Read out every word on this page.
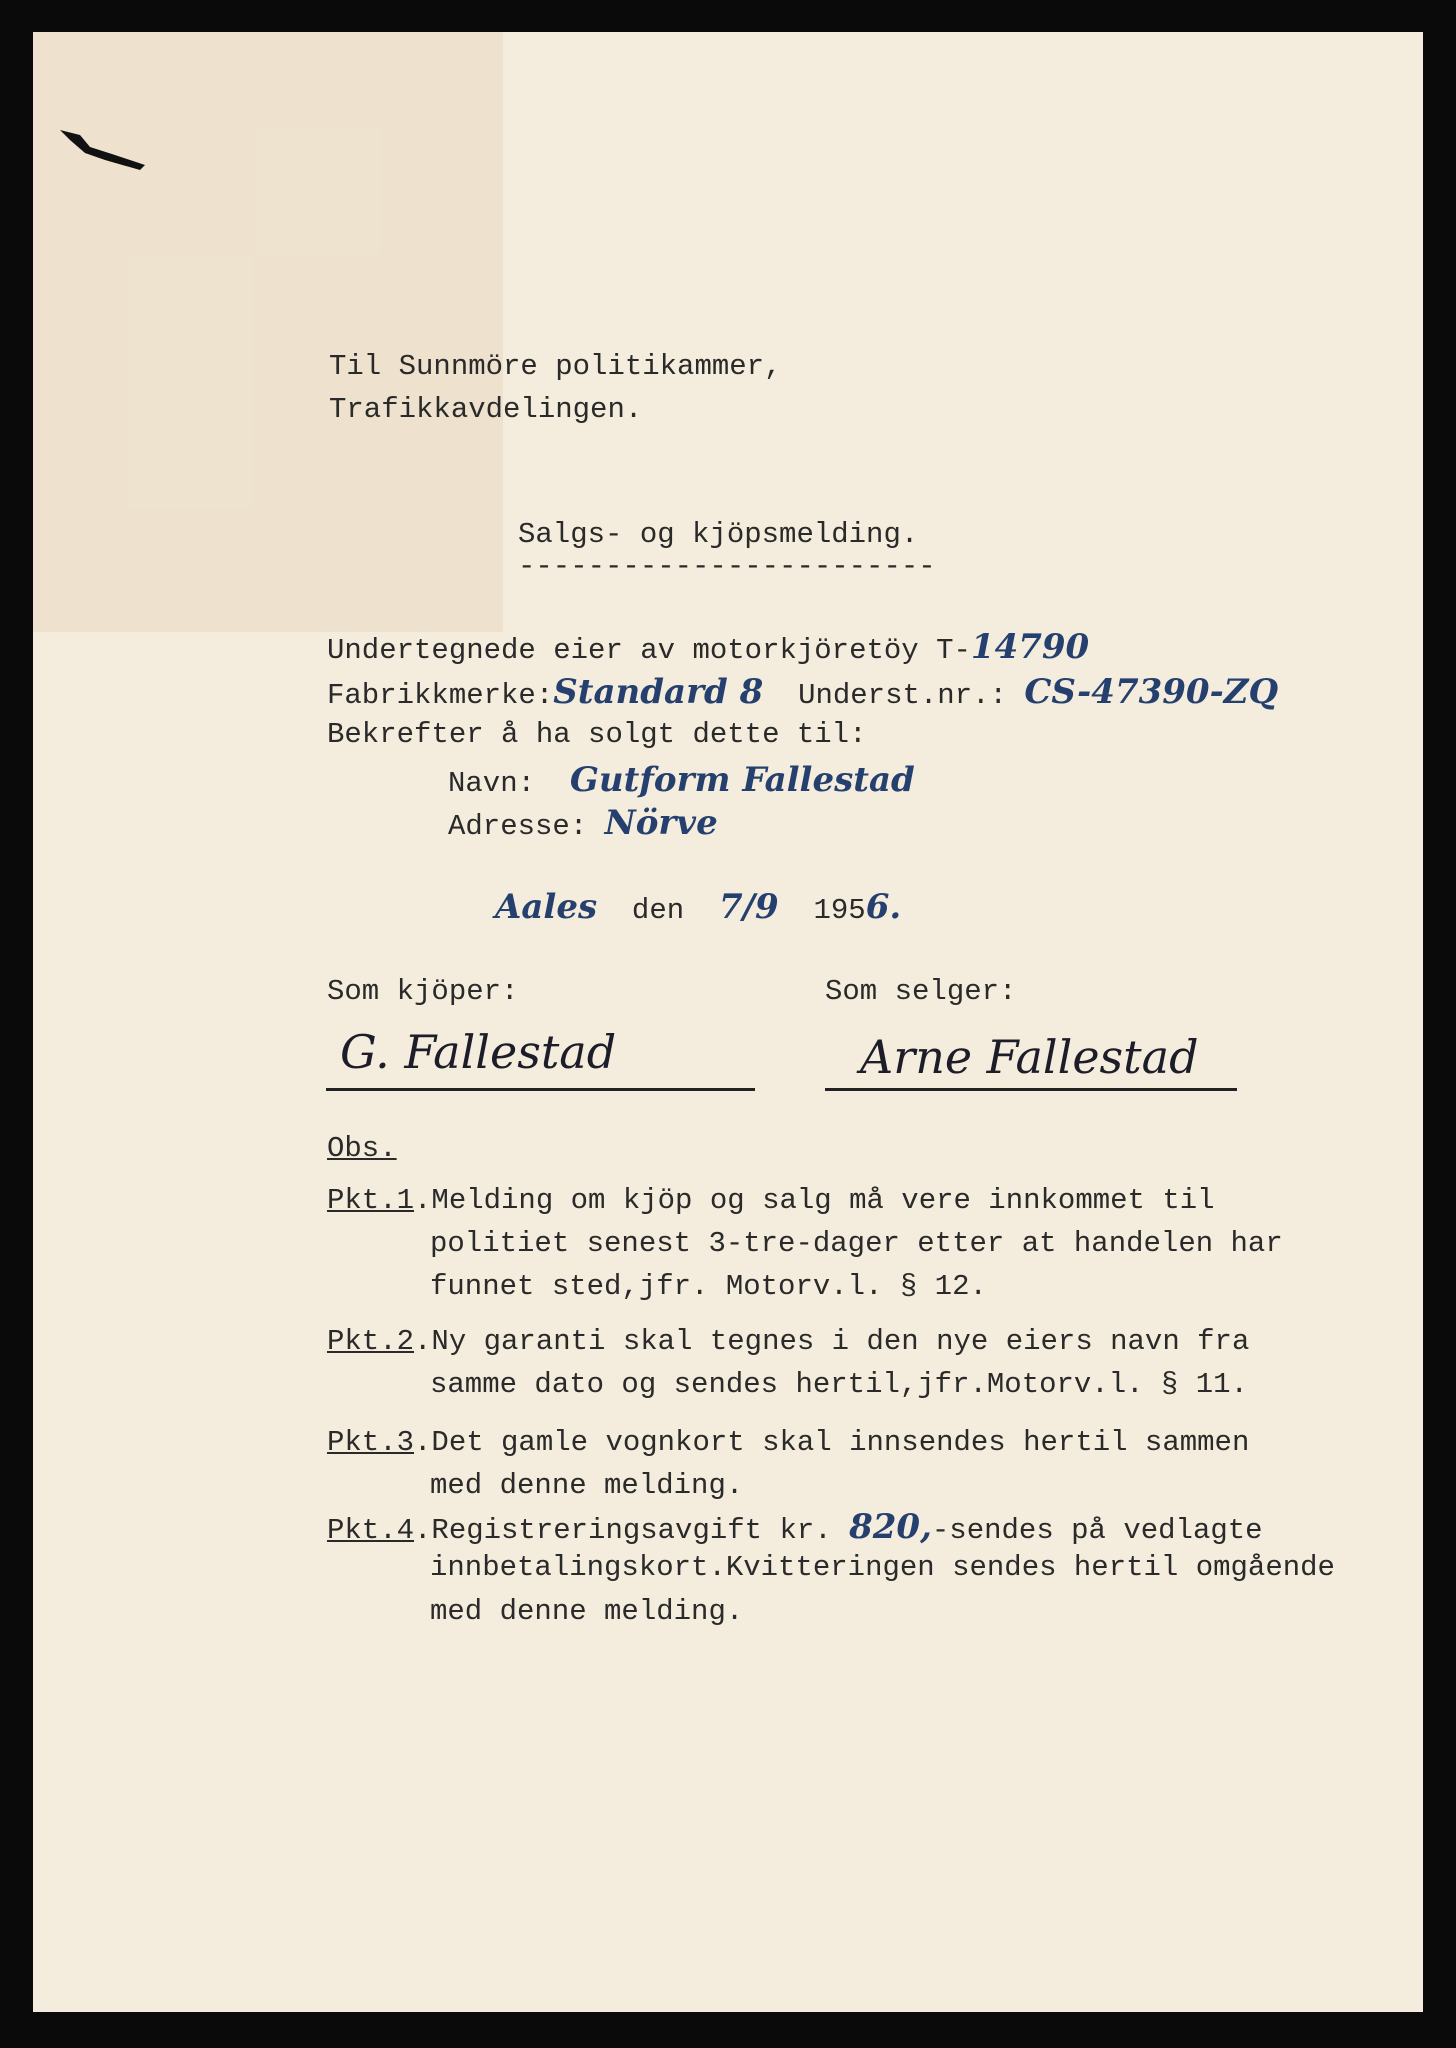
Til Sunnmöre politikammer,
Trafikkavdelingen.
Salgs- og kjöpsmelding.
------------------------
Undertegnede eier av motorkjöretöy T-14790
Fabrikkmerke:Standard 8 Underst.nr.: CS-47390-ZQ
Bekrefter å ha solgt dette til:
Navn: Gutform Fallestad
Adresse: Nörve
Aales den 7/9 1956.
Som kjöper:	Som selger:
G. Fallestad	Arne Fallestad
Obs.
Pkt.1.Melding om kjöp og salg må vere innkommet til
politiet senest 3-tre-dager etter at handelen har
funnet sted,jfr. Motorv.l. § 12.
Pkt.2.Ny garanti skal tegnes i den nye eiers navn fra
samme dato og sendes hertil,jfr.Motorv.l. § 11.
Pkt.3.Det gamle vognkort skal innsendes hertil sammen
med denne melding.
Pkt.4.Registreringsavgift kr. 820,-sendes på vedlagte
innbetalingskort.Kvitteringen sendes hertil omgående
med denne melding.
